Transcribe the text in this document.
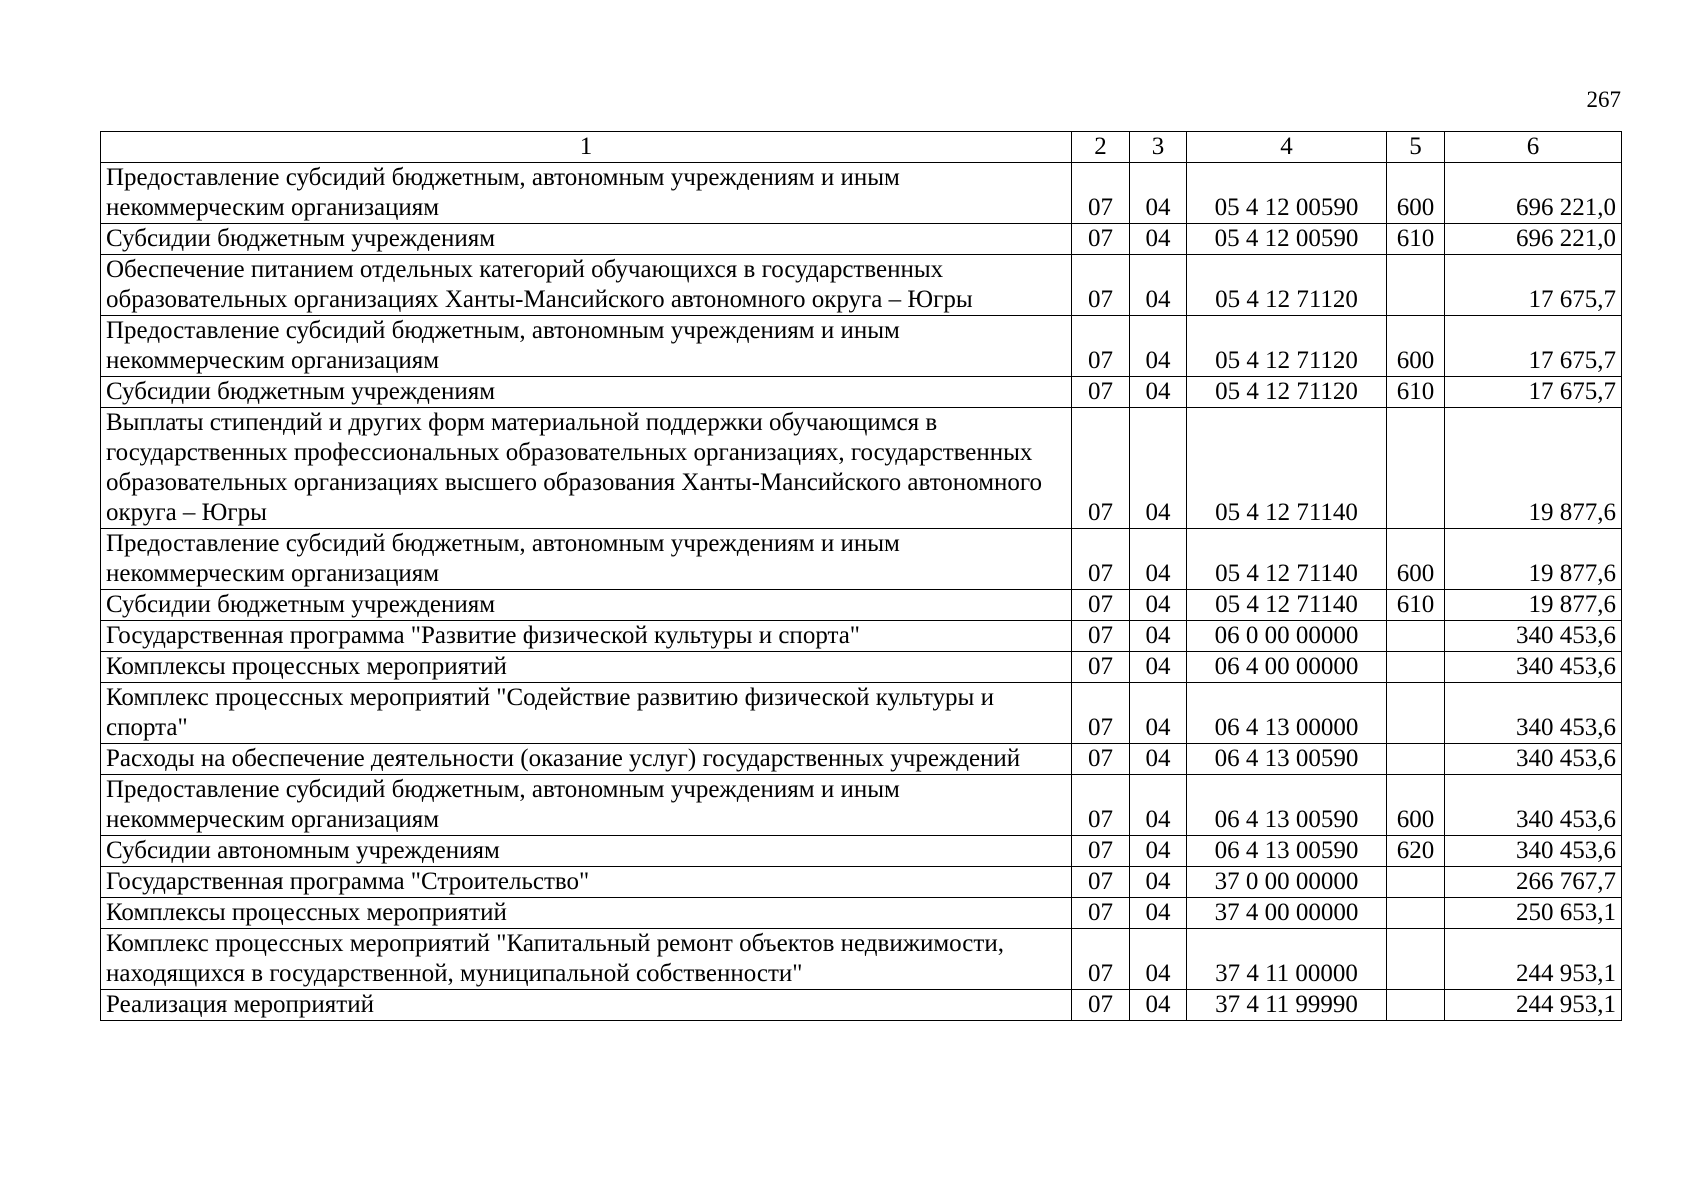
267
1	2	3	4	5	6
Предоставление субсидий бюджетным, автономным учреждениям и иным некоммерческим организациям	07	04	05 4 12 00590	600	696 221,0
Субсидии бюджетным учреждениям	07	04	05 4 12 00590	610	696 221,0
Обеспечение питанием отдельных категорий обучающихся в государственных образовательных организациях Ханты-Мансийского автономного округа – Югры	07	04	05 4 12 71120		17 675,7
Предоставление субсидий бюджетным, автономным учреждениям и иным некоммерческим организациям	07	04	05 4 12 71120	600	17 675,7
Субсидии бюджетным учреждениям	07	04	05 4 12 71120	610	17 675,7
Выплаты стипендий и других форм материальной поддержки обучающимся в государственных профессиональных образовательных организациях, государственных образовательных организациях высшего образования Ханты-Мансийского автономного округа – Югры	07	04	05 4 12 71140		19 877,6
Предоставление субсидий бюджетным, автономным учреждениям и иным некоммерческим организациям	07	04	05 4 12 71140	600	19 877,6
Субсидии бюджетным учреждениям	07	04	05 4 12 71140	610	19 877,6
Государственная программа "Развитие физической культуры и спорта"	07	04	06 0 00 00000		340 453,6
Комплексы процессных мероприятий	07	04	06 4 00 00000		340 453,6
Комплекс процессных мероприятий "Содействие развитию физической культуры и спорта"	07	04	06 4 13 00000		340 453,6
Расходы на обеспечение деятельности (оказание услуг) государственных учреждений	07	04	06 4 13 00590		340 453,6
Предоставление субсидий бюджетным, автономным учреждениям и иным некоммерческим организациям	07	04	06 4 13 00590	600	340 453,6
Субсидии автономным учреждениям	07	04	06 4 13 00590	620	340 453,6
Государственная программа "Строительство"	07	04	37 0 00 00000		266 767,7
Комплексы процессных мероприятий	07	04	37 4 00 00000		250 653,1
Комплекс процессных мероприятий "Капитальный ремонт объектов недвижимости, находящихся в государственной, муниципальной собственности"	07	04	37 4 11 00000		244 953,1
Реализация мероприятий	07	04	37 4 11 99990		244 953,1
